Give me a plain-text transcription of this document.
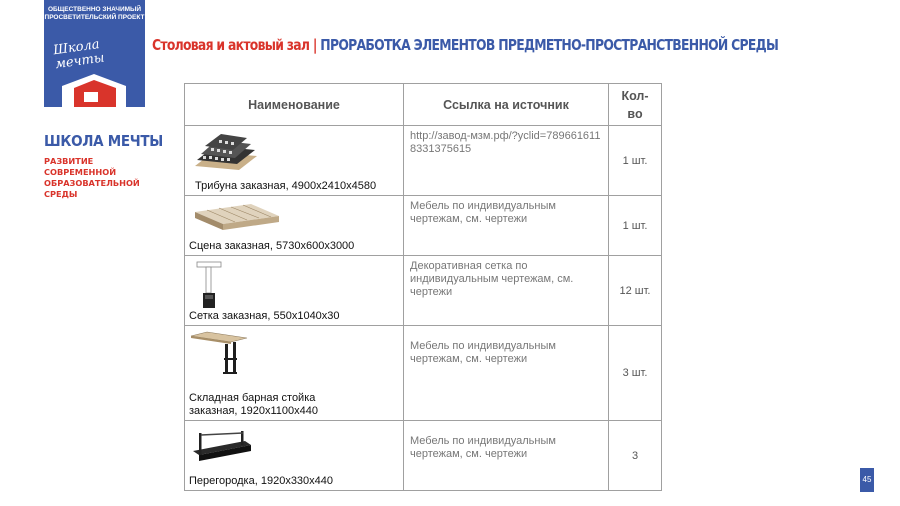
ОБЩЕСТВЕННО ЗНАЧИМЫЙ ПРОСВЕТИТЕЛЬСКИЙ ПРОЕКТ
Школа мечты
ШКОЛА МЕЧТЫ
РАЗВИТИЕ СОВРЕМЕННОЙ ОБРАЗОВАТЕЛЬНОЙ СРЕДЫ
Столовая и актовый зал | ПРОРАБОТКА ЭЛЕМЕНТОВ ПРЕДМЕТНО-ПРОСТРАНСТВЕННОЙ СРЕДЫ
Наименование	Ссылка на источник	Кол-во

Трибуна заказная, 4900х2410х4580	http://завод-мзм.рф/?yclid=7896616118331375615	1 шт.

Сцена заказная, 5730х600х3000	Мебель по индивидуальным чертежам, см. чертежи	1 шт.

Сетка заказная, 550х1040х30	Декоративная сетка по индивидуальным чертежам, см. чертежи	12 шт.

Складная барная стойка заказная, 1920х1100х440	Мебель по индивидуальным чертежам, см. чертежи	3 шт.

Перегородка, 1920х330х440	Мебель по индивидуальным чертежам, см. чертежи	3
45
